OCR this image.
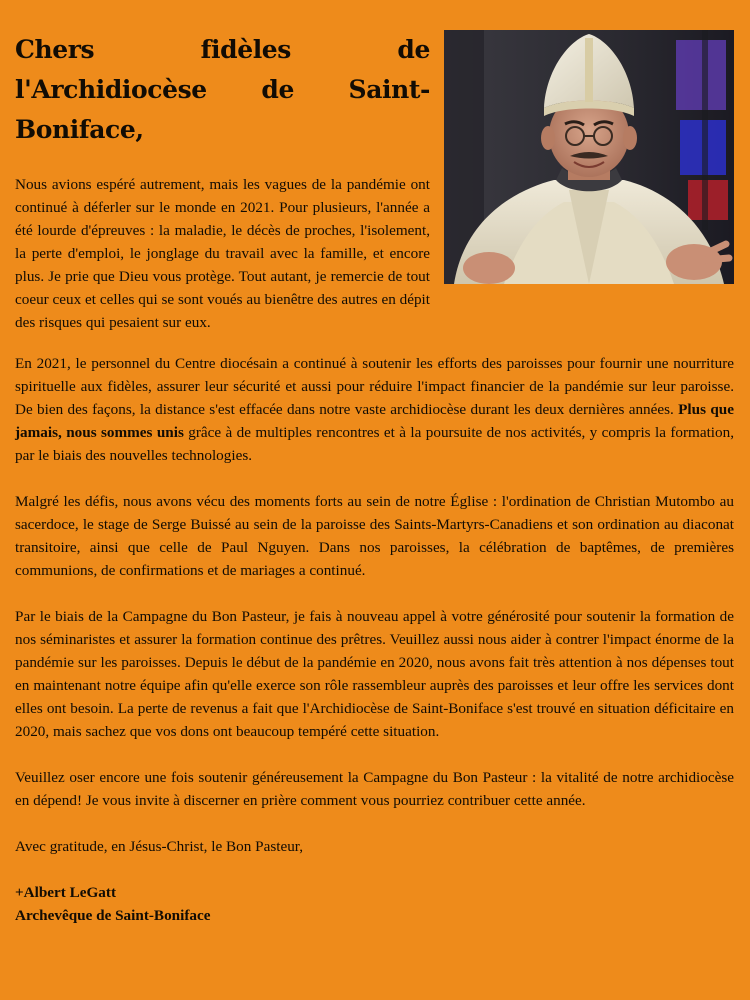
Chers fidèles de l'Archidiocèse de Saint-Boniface,

Nous avions espéré autrement, mais les vagues de la pandémie ont continué à déferler sur le monde en 2021. Pour plusieurs, l'année a été lourde d'épreuves : la maladie, le décès de proches, l'isolement, la perte d'emploi, le jonglage du travail avec la famille, et encore plus. Je prie que Dieu vous protège. Tout autant, je remercie de tout coeur ceux et celles qui se sont voués au bienêtre des autres en dépit des risques qui pesaient sur eux.

En 2021, le personnel du Centre diocésain a continué à soutenir les efforts des paroisses pour fournir une nourriture spirituelle aux fidèles, assurer leur sécurité et aussi pour réduire l'impact financier de la pandémie sur leur paroisse. De bien des façons, la distance s'est effacée dans notre vaste archidiocèse durant les deux dernières années. Plus que jamais, nous sommes unis grâce à de multiples rencontres et à la poursuite de nos activités, y compris la formation, par le biais des nouvelles technologies.

Malgré les défis, nous avons vécu des moments forts au sein de notre Église : l'ordination de Christian Mutombo au sacerdoce, le stage de Serge Buissé au sein de la paroisse des Saints-Martyrs-Canadiens et son ordination au diaconat transitoire, ainsi que celle de Paul Nguyen. Dans nos paroisses, la célébration de baptêmes, de premières communions, de confirmations et de mariages a continué.

Par le biais de la Campagne du Bon Pasteur, je fais à nouveau appel à votre générosité pour soutenir la formation de nos séminaristes et assurer la formation continue des prêtres. Veuillez aussi nous aider à contrer l'impact énorme de la pandémie sur les paroisses. Depuis le début de la pandémie en 2020, nous avons fait très attention à nos dépenses tout en maintenant notre équipe afin qu'elle exerce son rôle rassembleur auprès des paroisses et leur offre les services dont elles ont besoin. La perte de revenus a fait que l'Archidiocèse de Saint-Boniface s'est trouvé en situation déficitaire en 2020, mais sachez que vos dons ont beaucoup tempéré cette situation.

Veuillez oser encore une fois soutenir généreusement la Campagne du Bon Pasteur : la vitalité de notre archidiocèse en dépend! Je vous invite à discerner en prière comment vous pourriez contribuer cette année.

Avec gratitude, en Jésus-Christ, le Bon Pasteur,

+Albert LeGatt
Archevêque de Saint-Boniface
